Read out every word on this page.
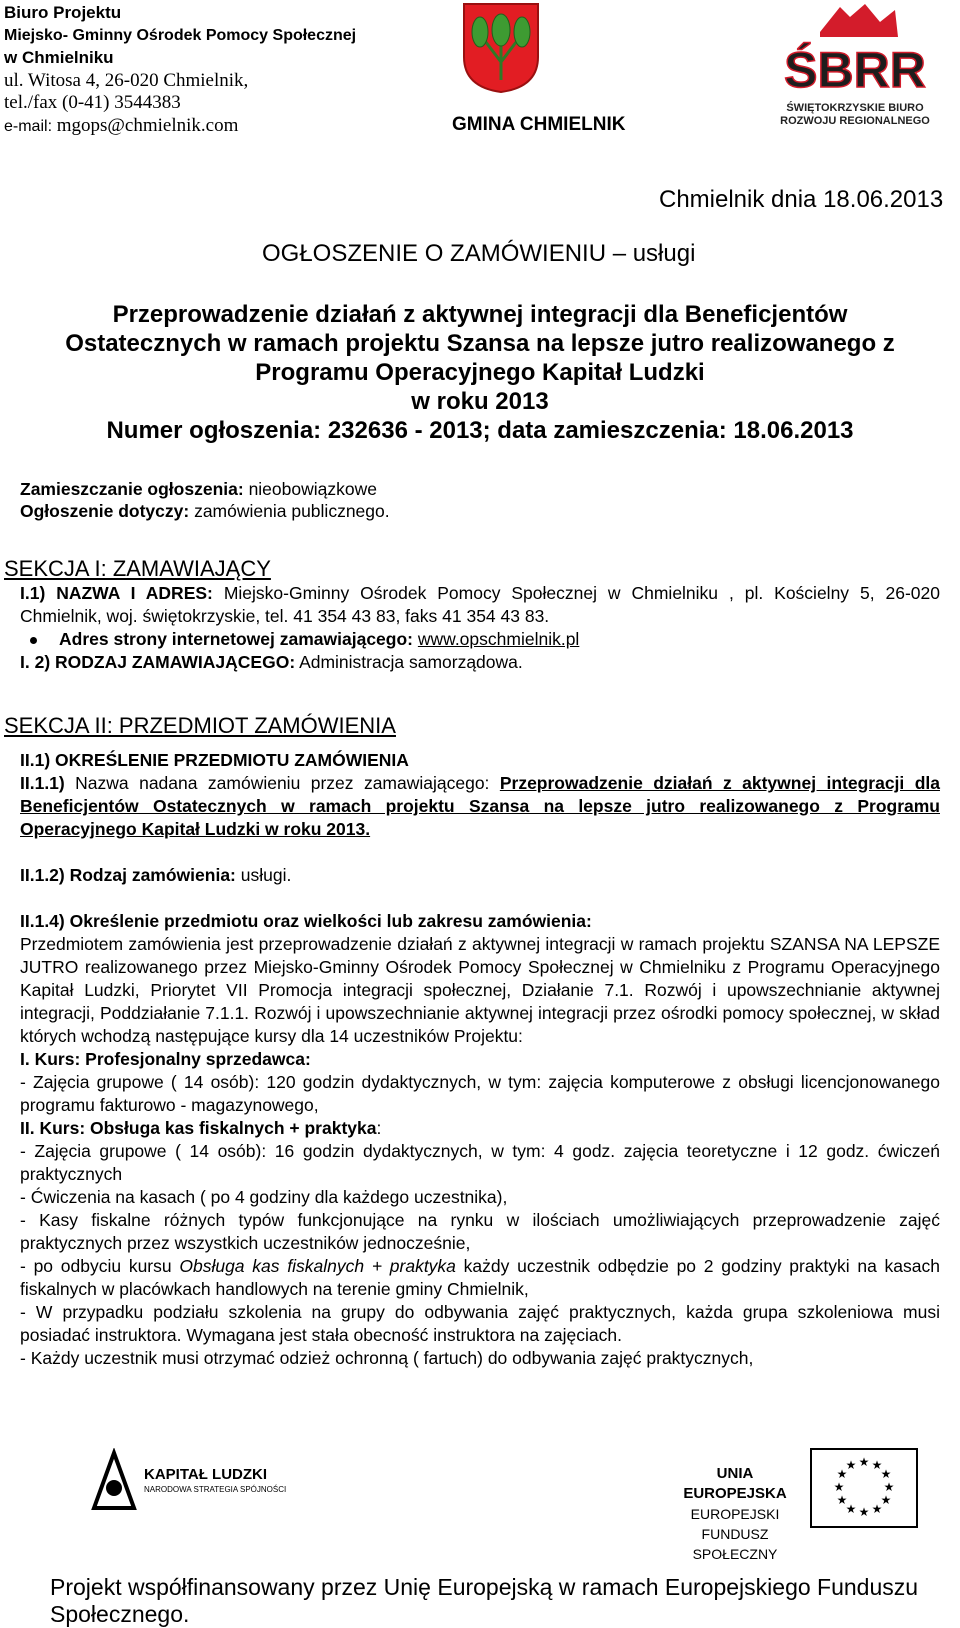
Biuro Projektu
Miejsko- Gminny Ośrodek Pomocy Społecznej
w Chmielniku
ul. Witosa 4, 26-020 Chmielnik,
tel./fax (0-41) 3544383
e-mail: mgops@chmielnik.com	GMINA CHMIELNIK
ŚBRR
ŚWIĘTOKRZYSKIE BIURO
ROZWOJU REGIONALNEGO
Chmielnik dnia 18.06.2013
OGŁOSZENIE O ZAMÓWIENIU – usługi
Przeprowadzenie działań z aktywnej integracji dla Beneficjentów
Ostatecznych w ramach projektu Szansa na lepsze jutro realizowanego z
Programu Operacyjnego Kapitał Ludzki
w roku 2013
Numer ogłoszenia: 232636 - 2013; data zamieszczenia: 18.06.2013
Zamieszczanie ogłoszenia: nieobowiązkowe
Ogłoszenie dotyczy: zamówienia publicznego.
SEKCJA I: ZAMAWIAJĄCY
I.1) NAZWA I ADRES: Miejsko-Gminny Ośrodek Pomocy Społecznej w Chmielniku , pl. Kościelny 5, 26-020 Chmielnik, woj. świętokrzyskie, tel. 41 354 43 83, faks 41 354 43 83.
Adres strony internetowej zamawiającego: www.opschmielnik.pl
I. 2) RODZAJ ZAMAWIAJĄCEGO: Administracja samorządowa.
SEKCJA II: PRZEDMIOT ZAMÓWIENIA
II.1) OKREŚLENIE PRZEDMIOTU ZAMÓWIENIA
II.1.1) Nazwa nadana zamówieniu przez zamawiającego: Przeprowadzenie działań z aktywnej integracji dla Beneficjentów Ostatecznych w ramach projektu Szansa na lepsze jutro realizowanego z Programu Operacyjnego Kapitał Ludzki w roku 2013.
II.1.2) Rodzaj zamówienia: usługi.
II.1.4) Określenie przedmiotu oraz wielkości lub zakresu zamówienia:
Przedmiotem zamówienia jest przeprowadzenie działań z aktywnej integracji w ramach projektu SZANSA NA LEPSZE JUTRO realizowanego przez Miejsko-Gminny Ośrodek Pomocy Społecznej w Chmielniku z Programu Operacyjnego Kapitał Ludzki, Priorytet VII Promocja integracji społecznej, Działanie 7.1. Rozwój i upowszechnianie aktywnej integracji, Poddziałanie 7.1.1. Rozwój i upowszechnianie aktywnej integracji przez ośrodki pomocy społecznej, w skład których wchodzą następujące kursy dla 14 uczestników Projektu:
I. Kurs: Profesjonalny sprzedawca:
- Zajęcia grupowe ( 14 osób): 120 godzin dydaktycznych, w tym: zajęcia komputerowe z obsługi licencjonowanego programu fakturowo - magazynowego,
II. Kurs: Obsługa kas fiskalnych + praktyka:
- Zajęcia grupowe ( 14 osób): 16 godzin dydaktycznych, w tym: 4 godz. zajęcia teoretyczne i 12 godz. ćwiczeń praktycznych
- Ćwiczenia na kasach ( po 4 godziny dla każdego uczestnika),
- Kasy fiskalne różnych typów funkcjonujące na rynku w ilościach umożliwiających przeprowadzenie zajęć praktycznych przez wszystkich uczestników jednocześnie,
- po odbyciu kursu Obsługa kas fiskalnych + praktyka każdy uczestnik odbędzie po 2 godziny praktyki na kasach fiskalnych w placówkach handlowych na terenie gminy Chmielnik,
- W przypadku podziału szkolenia na grupy do odbywania zajęć praktycznych, każda grupa szkoleniowa musi posiadać instruktora. Wymagana jest stała obecność instruktora na zajęciach.
- Każdy uczestnik musi otrzymać odzież ochronną ( fartuch) do odbywania zajęć praktycznych,
KAPITAŁ LUDZKI
NARODOWA STRATEGIA SPÓJNOŚCI
UNIA EUROPEJSKA
EUROPEJSKI
FUNDUSZ SPOŁECZNY
★ ★
★
★
★
★
★
★
★
★
★
★
Projekt współfinansowany przez Unię Europejską w ramach Europejskiego Funduszu Społecznego.
